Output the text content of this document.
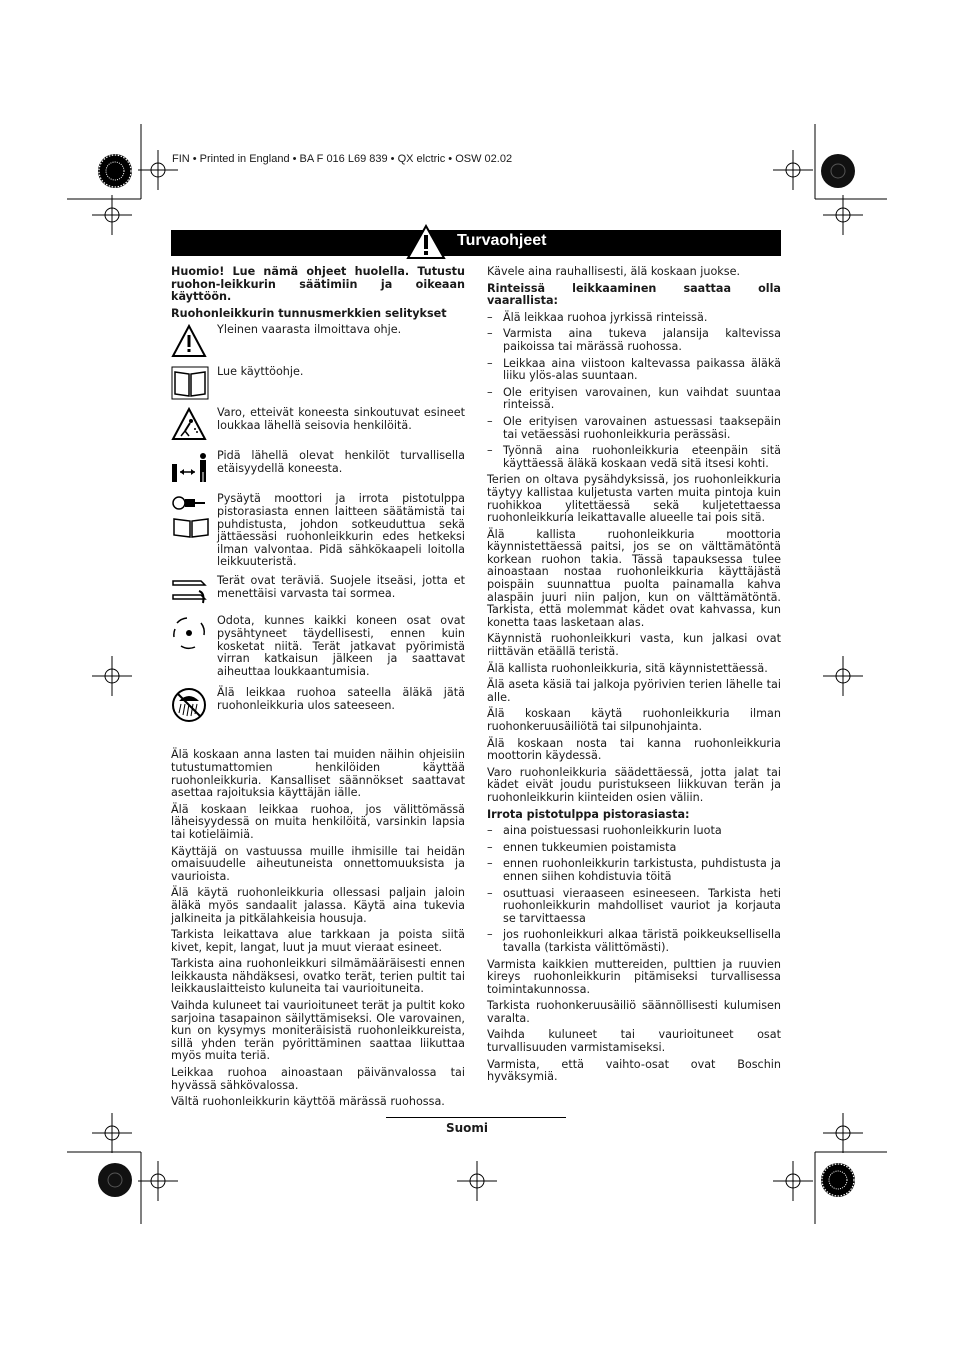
FIN • Printed in England • BA F 016 L69 839 • QX elctric • OSW 02.02
Turvaohjeet

Huomio! Lue nämä ohjeet huolella. Tutustu ruohon-leikkurin säätimiin ja oikeaan käyttöön.

Ruohonleikkurin tunnusmerkkien selitykset

Yleinen vaarasta ilmoittava ohje.
Lue käyttöohje.
Varo, etteivät koneesta sinkoutuvat esineet loukkaa lähellä seisovia henkilöitä.
Pidä lähellä olevat henkilöt turvallisella etäisyydellä koneesta.
Pysäytä moottori ja irrota pistotulppa pistorasiasta ennen laitteen säätämistä tai puhdistusta, johdon sotkeuduttua sekä jättäessäsi ruohonleikkurin edes hetkeksi ilman valvontaa. Pidä sähkökaapeli loitolla leikkuuteristä.
Terät ovat teräviä. Suojele itseäsi, jotta et menettäisi varvasta tai sormea.
Odota, kunnes kaikki koneen osat ovat pysähtyneet täydellisesti, ennen kuin kosketat niitä. Terät jatkavat pyörimistä virran katkaisun jälkeen ja saattavat aiheuttaa loukkaantumisia.
Älä leikkaa ruohoa sateella äläkä jätä ruohonleikkuria ulos sateeseen.

Älä koskaan anna lasten tai muiden näihin ohjeisiin tutustumattomien henkilöiden käyttää ruohonleikkuria. Kansalliset säännökset saattavat asettaa rajoituksia käyttäjän iälle.

Älä koskaan leikkaa ruohoa, jos välittömässä läheisyydessä on muita henkilöitä, varsinkin lapsia tai kotieläimiä.

Käyttäjä on vastuussa muille ihmisille tai heidän omaisuudelle aiheutuneista onnettomuuksista ja vaurioista.

Älä käytä ruohonleikkuria ollessasi paljain jaloin äläkä myös sandaalit jalassa. Käytä aina tukevia jalkineita ja pitkälahkeisia housuja.

Tarkista leikattava alue tarkkaan ja poista siitä kivet, kepit, langat, luut ja muut vieraat esineet.

Tarkista aina ruohonleikkuri silmämääräisesti ennen leikkausta nähdäksesi, ovatko terät, terien pultit tai leikkauslaitteisto kuluneita tai vaurioituneita.

Vaihda kuluneet tai vaurioituneet terät ja pultit koko sarjoina tasapainon säilyttämiseksi. Ole varovainen, kun on kysymys moniteräisistä ruohonleikkureista, sillä yhden terän pyörittäminen saattaa liikuttaa myös muita teriä.

Leikkaa ruohoa ainoastaan päivänvalossa tai hyvässä sähkövalossa.

Vältä ruohonleikkurin käyttöä märässä ruohossa.

Kävele aina rauhallisesti, älä koskaan juokse.

Rinteissä leikkaaminen saattaa olla vaarallista:

– Älä leikkaa ruohoa jyrkissä rinteissä.
– Varmista aina tukeva jalansija kaltevissa paikoissa tai märässä ruohossa.
– Leikkaa aina viistoon kaltevassa paikassa äläkä liiku ylös-alas suuntaan.
– Ole erityisen varovainen, kun vaihdat suuntaa rinteissä.
– Ole erityisen varovainen astuessasi taaksepäin tai vetäessäsi ruohonleikkuria perässäsi.
– Työnnä aina ruohonleikkuria eteenpäin sitä käyttäessä äläkä koskaan vedä sitä itsesi kohti.

Terien on oltava pysähdyksissä, jos ruohonleikkuria täytyy kallistaa kuljetusta varten muita pintoja kuin ruohikkoa ylitettäessä sekä kuljetettaessa ruohonleikkuria leikattavalle alueelle tai pois sitä.

Älä kallista ruohonleikkuria moottoria käynnistettäessä paitsi, jos se on välttämätöntä korkean ruohon takia. Tässä tapauksessa tulee ainoastaan nostaa ruohonleikkuria käyttäjästä poispäin suunnattua puolta painamalla kahva alaspäin juuri niin paljon, kun on välttämätöntä. Tarkista, että molemmat kädet ovat kahvassa, kun konetta taas lasketaan alas.

Käynnistä ruohonleikkuri vasta, kun jalkasi ovat riittävän etäällä teristä.

Älä kallista ruohonleikkuria, sitä käynnistettäessä.

Älä aseta käsiä tai jalkoja pyörivien terien lähelle tai alle.

Älä koskaan käytä ruohonleikkuria ilman ruohonkeruusäiliötä tai silpunohjainta.

Älä koskaan nosta tai kanna ruohonleikkuria moottorin käydessä.

Varo ruohonleikkuria säädettäessä, jotta jalat tai kädet eivät joudu puristukseen liikkuvan terän ja ruohonleikkurin kiinteiden osien väliin.

Irrota pistotulppa pistorasiasta:

– aina poistuessasi ruohonleikkurin luota
– ennen tukkeumien poistamista
– ennen ruohonleikkurin tarkistusta, puhdistusta ja ennen siihen kohdistuvia töitä
– osuttuasi vieraaseen esineeseen. Tarkista heti ruohonleikkurin mahdolliset vauriot ja korjauta se tarvittaessa
– jos ruohonleikkuri alkaa täristä poikkeuksellisella tavalla (tarkista välittömästi).

Varmista kaikkien muttereiden, pulttien ja ruuvien kireys ruohonleikkurin pitämiseksi turvallisessa toimintakunnossa.

Tarkista ruohonkeruusäiliö säännöllisesti kulumisen varalta.

Vaihda kuluneet tai vaurioituneet osat turvallisuuden varmistamiseksi.

Varmista, että vaihto-osat ovat Boschin hyväksymiä.

Suomi
